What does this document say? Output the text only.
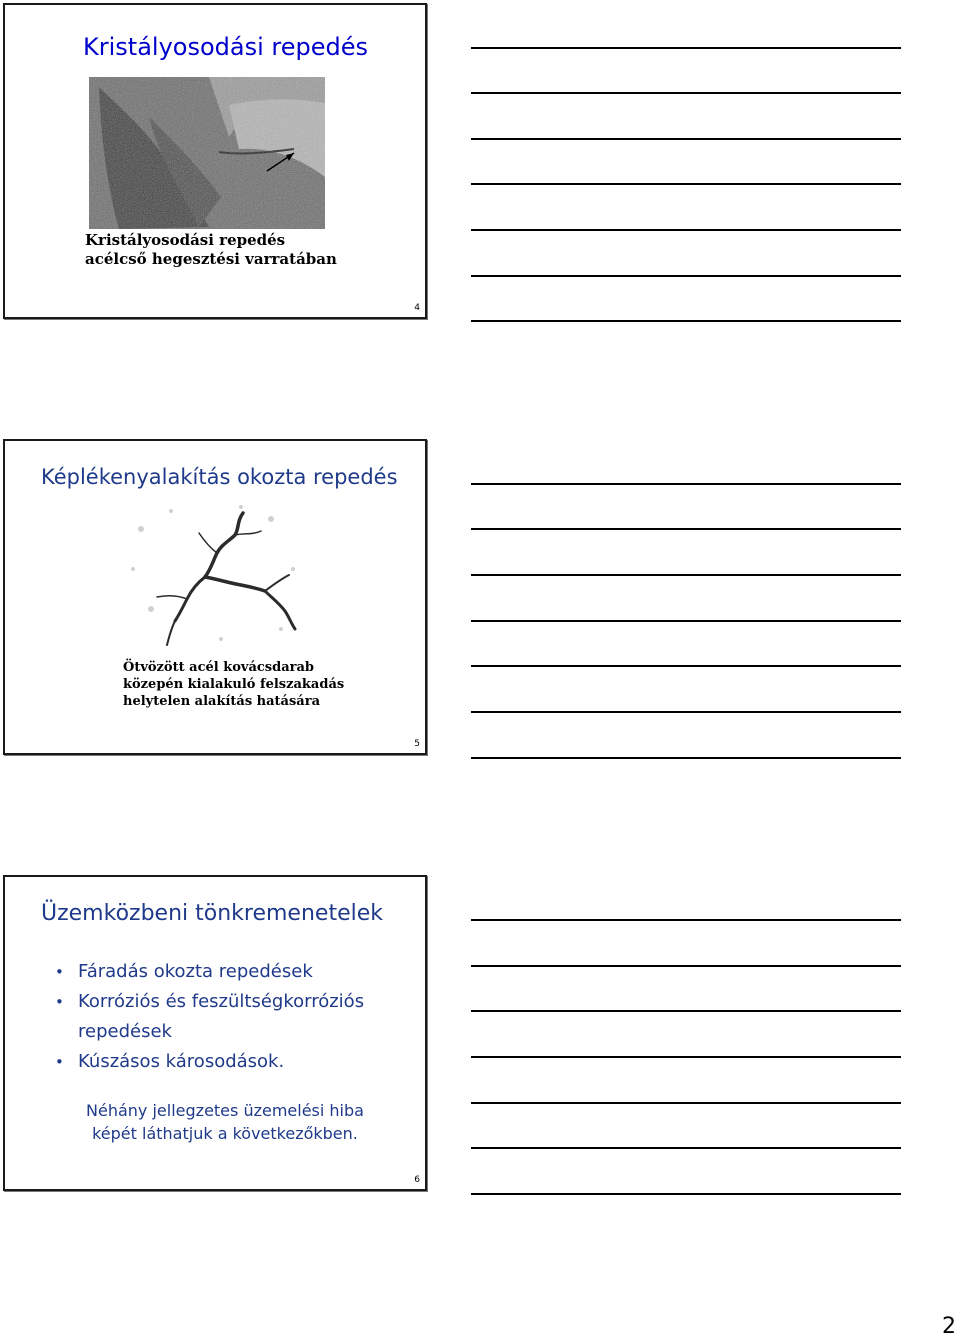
Kristályosodási repedés
Kristályosodási repedés
acélcső hegesztési varratában
4
Képlékenyalakítás okozta repedés
Ötvözött acél kovácsdarab
közepén kialakuló felszakadás
helytelen alakítás hatására
5
Üzemközbeni tönkremenetelek
• Fáradás okozta repedések
• Korróziós és feszültségkorróziós
repedések
• Kúszásos károsodások.
Néhány jellegzetes üzemelési hiba
képét láthatjuk a következőkben.
6
2
